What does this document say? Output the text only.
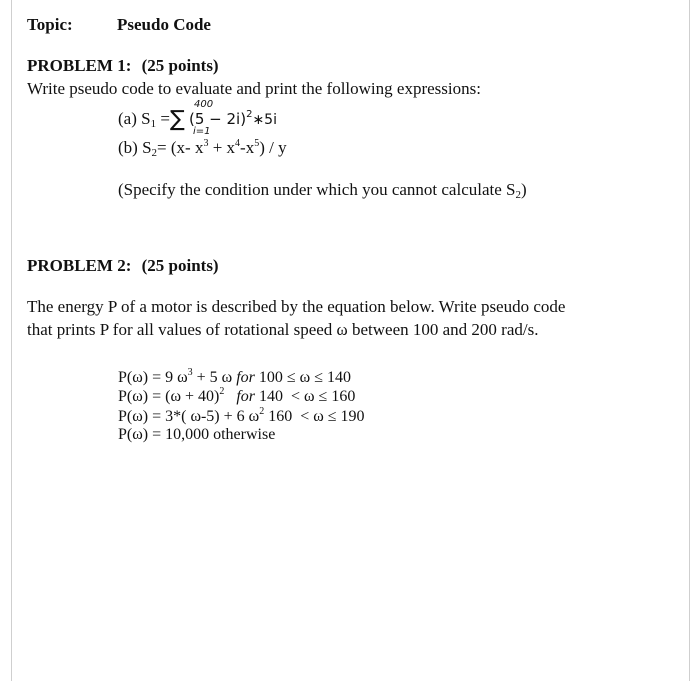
Topic:	Pseudo Code
PROBLEM 1: (25 points)
Write pseudo code to evaluate and print the following expressions:
(a) $S_1$ =∑ $(5 - 2i)^2∗5i$
400
i=1
(b) $S_2= (x-$ $x^3 + x^4-x^5) / y$
(Specify the condition under which you cannot calculate $S_2$)
PROBLEM 2: (25 points)
The energy P of a motor is described by the equation below. Write pseudo code
that prints P for all values of rotational speed ω between 100 and 200 rad/s.
P(ω) = 9 $\omega^3 + 5$ ω for 100 ≤ ω ≤ 140
$P(\omega) = (\omega + 40)^2$   for 140  < ω ≤ 160
P(ω) = 3*( ω-5) + 6 $\omega^2$ 160  < ω ≤ 190
P(ω) = 10,000 otherwise
